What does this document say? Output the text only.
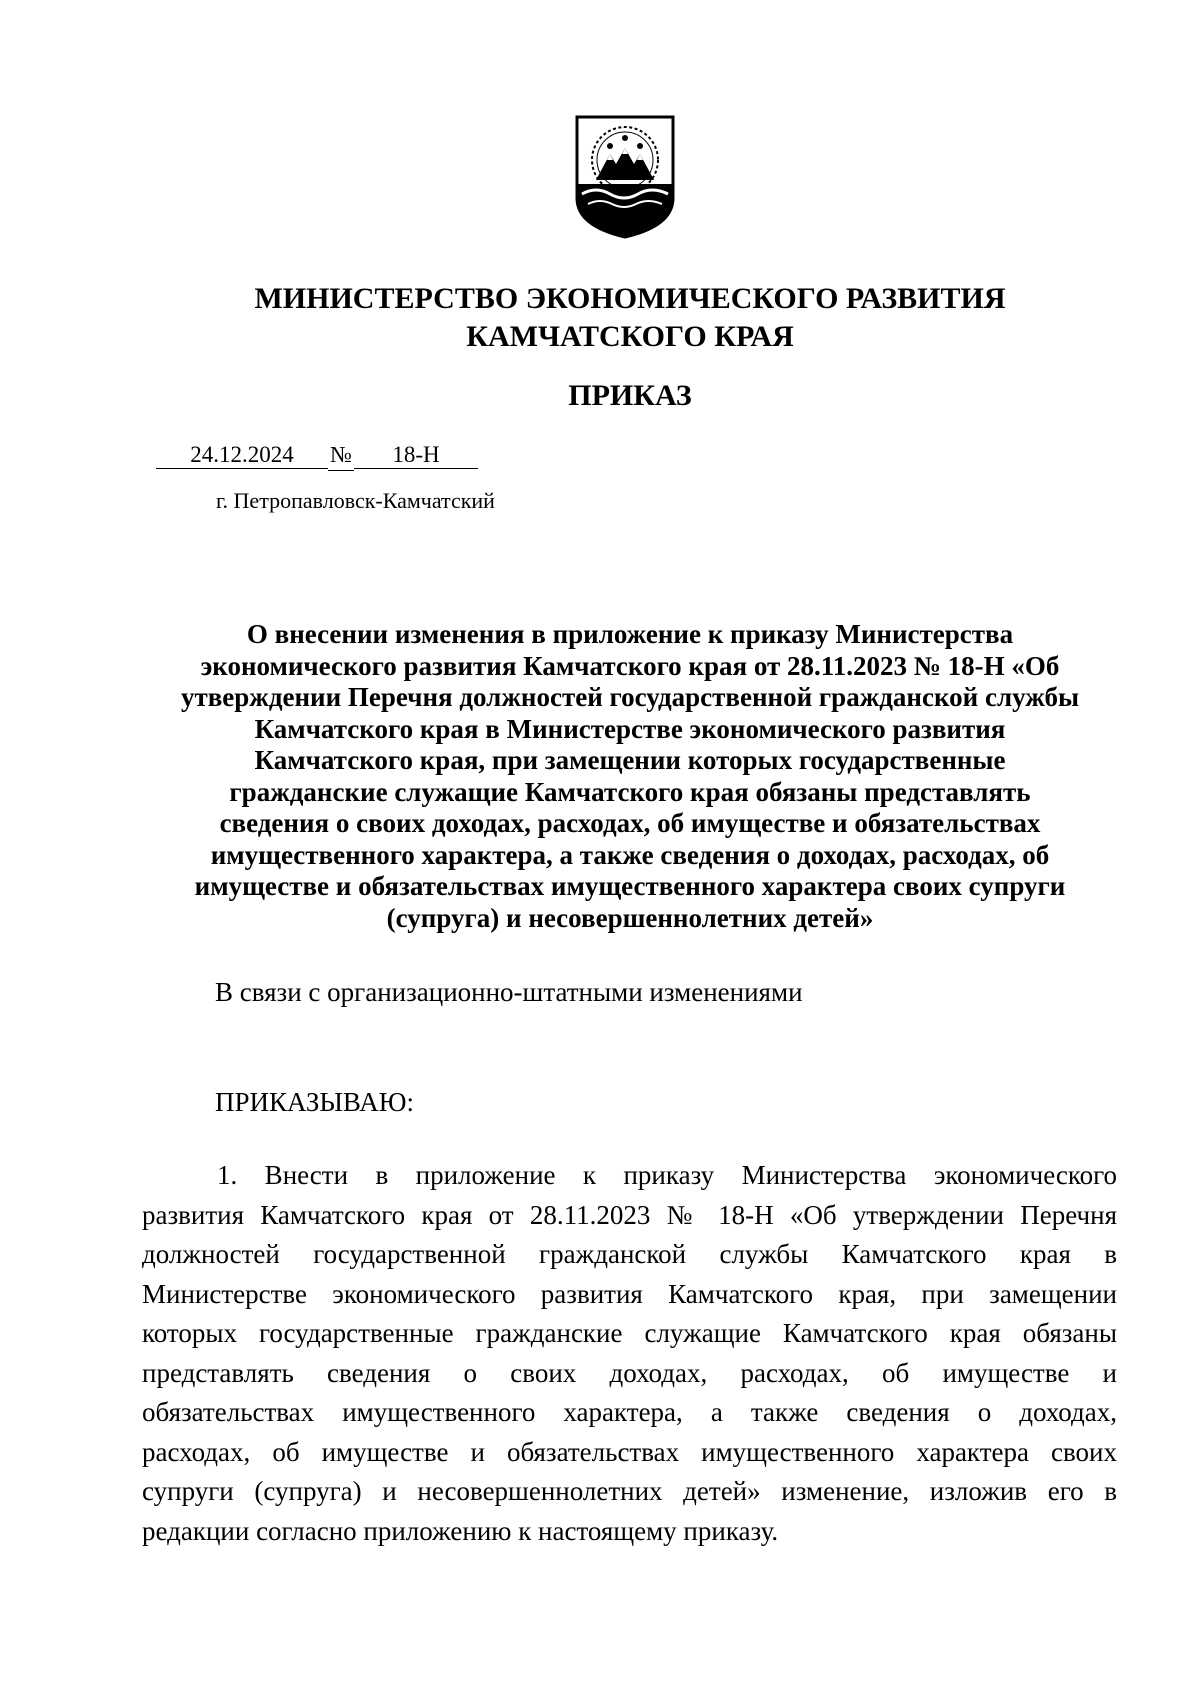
МИНИСТЕРСТВО ЭКОНОМИЧЕСКОГО РАЗВИТИЯ
КАМЧАТСКОГО КРАЯ
ПРИКАЗ
24.12.2024 № 18-Н
г. Петропавловск-Камчатский
О внесении изменения в приложение к приказу Министерства
экономического развития Камчатского края от 28.11.2023 № 18-Н «Об
утверждении Перечня должностей государственной гражданской службы
Камчатского края в Министерстве экономического развития
Камчатского края, при замещении которых государственные
гражданские служащие Камчатского края обязаны представлять
сведения о своих доходах, расходах, об имуществе и обязательствах
имущественного характера, а также сведения о доходах, расходах, об
имуществе и обязательствах имущественного характера своих супруги
(супруга) и несовершеннолетних детей»
В связи с организационно-штатными изменениями
ПРИКАЗЫВАЮ:
1. Внести в приложение к приказу Министерства экономического
развития Камчатского края от 28.11.2023 № 18-Н «Об утверждении Перечня
должностей государственной гражданской службы Камчатского края в
Министерстве экономического развития Камчатского края, при замещении
которых государственные гражданские служащие Камчатского края обязаны
представлять сведения о своих доходах, расходах, об имуществе и
обязательствах имущественного характера, а также сведения о доходах,
расходах, об имуществе и обязательствах имущественного характера своих
супруги (супруга) и несовершеннолетних детей» изменение, изложив его в
редакции согласно приложению к настоящему приказу.
